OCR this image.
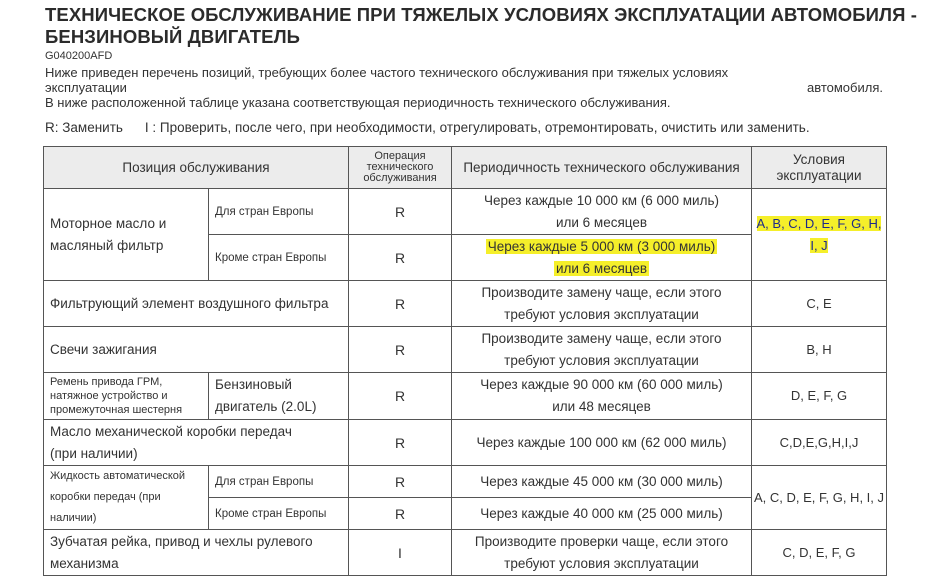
ТЕХНИЧЕСКОЕ ОБСЛУЖИВАНИЕ ПРИ ТЯЖЕЛЫХ УСЛОВИЯХ ЭКСПЛУАТАЦИИ АВТОМОБИЛЯ - БЕНЗИНОВЫЙ ДВИГАТЕЛЬ
G040200AFD
Ниже приведен перечень позиций, требующих более частого технического обслуживания при тяжелых условиях
эксплуатации	автомобиля.

В ниже расположенной таблице указана соответствующая периодичность технического обслуживания.
R: Заменить I : Проверить, после чего, при необходимости, отрегулировать, отремонтировать, очистить или заменить.
Позиция обслуживания		Операция технического обслуживания	Периодичность технического обслуживания	Условия эксплуатации
Моторное масло и масляный фильтр	Для стран Европы	R	Через каждые 10 000 км (6 000 миль)
или 6 месяцев	A, B, C, D, E, F, G, H, I, J
	Кроме стран Европы	R	Через каждые 5 000 км (3 000 миль)
или 6 месяцев	
Фильтрующий элемент воздушного фильтра		R	Производите замену чаще, если этого
требуют условия эксплуатации	C, E
Свечи зажигания		R	Производите замену чаще, если этого
требуют условия эксплуатации	B, H
Ремень привода ГРМ, натяжное устройство и промежуточная шестерня	Бензиновый двигатель (2.0L)	R	Через каждые 90 000 км (60 000 миль)
или 48 месяцев	D, E, F, G
Масло механической коробки передач
(при наличии)		R	Через каждые 100 000 км (62 000 миль)	C,D,E,G,H,I,J
Жидкость автоматической коробки передач (при наличии)	Для стран Европы	R	Через каждые 45 000 км (30 000 миль)	A, C, D, E, F, G, H, I, J
	Кроме стран Европы	R	Через каждые 40 000 км (25 000 миль)	
Зубчатая рейка, привод и чехлы рулевого механизма		I	Производите проверки чаще, если этого
требуют условия эксплуатации	C, D, E, F, G
